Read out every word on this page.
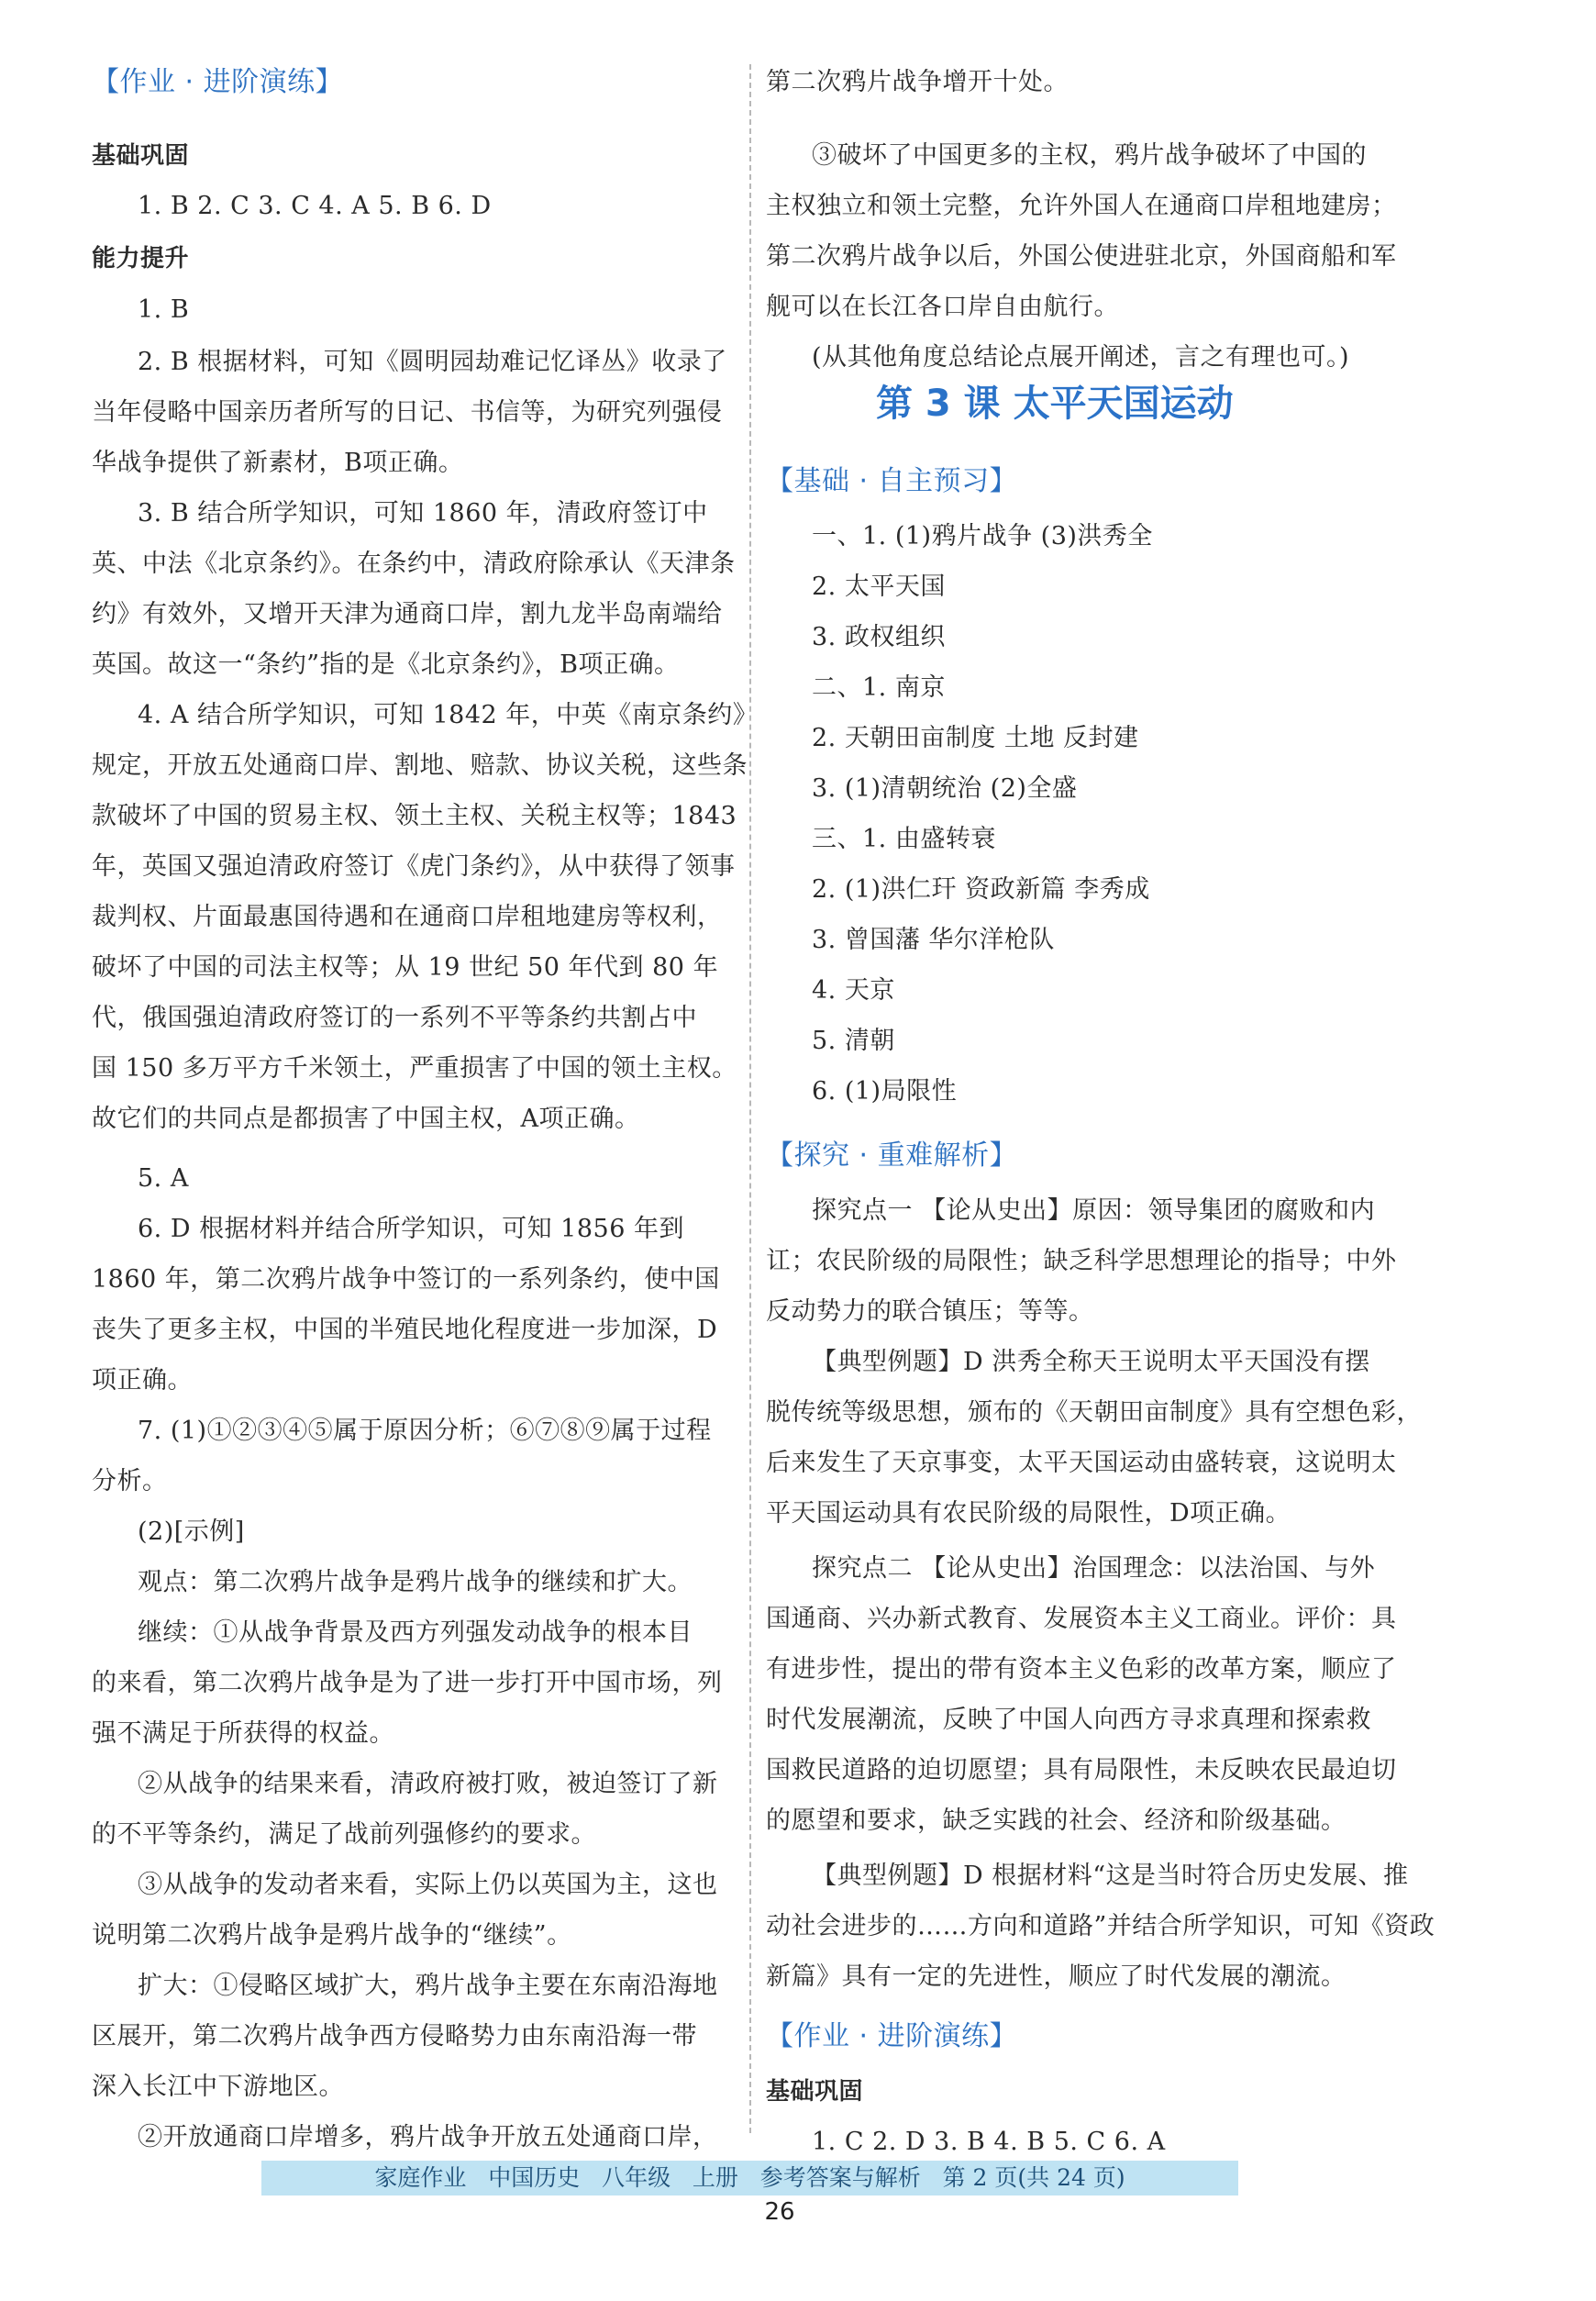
【作业 · 进阶演练】
基础巩固
1. B 2. C 3. C 4. A 5. B 6. D
能力提升
1. B
2. B 根据材料，可知《圆明园劫难记忆译丛》收录了
当年侵略中国亲历者所写的日记、书信等，为研究列强侵
华战争提供了新素材，B项正确。
3. B 结合所学知识，可知 1860 年，清政府签订中
英、中法《北京条约》。在条约中，清政府除承认《天津条
约》有效外，又增开天津为通商口岸，割九龙半岛南端给
英国。故这一“条约”指的是《北京条约》，B项正确。
4. A 结合所学知识，可知 1842 年，中英《南京条约》
规定，开放五处通商口岸、割地、赔款、协议关税，这些条
款破坏了中国的贸易主权、领土主权、关税主权等；1843
年，英国又强迫清政府签订《虎门条约》，从中获得了领事
裁判权、片面最惠国待遇和在通商口岸租地建房等权利，
破坏了中国的司法主权等；从 19 世纪 50 年代到 80 年
代，俄国强迫清政府签订的一系列不平等条约共割占中
国 150 多万平方千米领土，严重损害了中国的领土主权。
故它们的共同点是都损害了中国主权，A项正确。
5. A
6. D 根据材料并结合所学知识，可知 1856 年到
1860 年，第二次鸦片战争中签订的一系列条约，使中国
丧失了更多主权，中国的半殖民地化程度进一步加深，D
项正确。
7. (1)①②③④⑤属于原因分析；⑥⑦⑧⑨属于过程
分析。
(2)[示例]
观点：第二次鸦片战争是鸦片战争的继续和扩大。
继续：①从战争背景及西方列强发动战争的根本目
的来看，第二次鸦片战争是为了进一步打开中国市场，列
强不满足于所获得的权益。
②从战争的结果来看，清政府被打败，被迫签订了新
的不平等条约，满足了战前列强修约的要求。
③从战争的发动者来看，实际上仍以英国为主，这也
说明第二次鸦片战争是鸦片战争的“继续”。
扩大：①侵略区域扩大，鸦片战争主要在东南沿海地
区展开，第二次鸦片战争西方侵略势力由东南沿海一带
深入长江中下游地区。
②开放通商口岸增多，鸦片战争开放五处通商口岸，
第二次鸦片战争增开十处。
③破坏了中国更多的主权，鸦片战争破坏了中国的
主权独立和领土完整，允许外国人在通商口岸租地建房；
第二次鸦片战争以后，外国公使进驻北京，外国商船和军
舰可以在长江各口岸自由航行。
(从其他角度总结论点展开阐述，言之有理也可。)
第 3 课 太平天国运动
【基础 · 自主预习】
一、1. (1)鸦片战争 (3)洪秀全
2. 太平天国
3. 政权组织
二、1. 南京
2. 天朝田亩制度 土地 反封建
3. (1)清朝统治 (2)全盛
三、1. 由盛转衰
2. (1)洪仁玕 资政新篇 李秀成
3. 曾国藩 华尔洋枪队
4. 天京
5. 清朝
6. (1)局限性
【探究 · 重难解析】
探究点一 【论从史出】原因：领导集团的腐败和内
讧；农民阶级的局限性；缺乏科学思想理论的指导；中外
反动势力的联合镇压；等等。
【典型例题】D 洪秀全称天王说明太平天国没有摆
脱传统等级思想，颁布的《天朝田亩制度》具有空想色彩，
后来发生了天京事变，太平天国运动由盛转衰，这说明太
平天国运动具有农民阶级的局限性，D项正确。
探究点二 【论从史出】治国理念：以法治国、与外
国通商、兴办新式教育、发展资本主义工商业。评价：具
有进步性，提出的带有资本主义色彩的改革方案，顺应了
时代发展潮流，反映了中国人向西方寻求真理和探索救
国救民道路的迫切愿望；具有局限性，未反映农民最迫切
的愿望和要求，缺乏实践的社会、经济和阶级基础。
【典型例题】D 根据材料“这是当时符合历史发展、推
动社会进步的……方向和道路”并结合所学知识，可知《资政
新篇》具有一定的先进性，顺应了时代发展的潮流。
【作业 · 进阶演练】
基础巩固
1. C 2. D 3. B 4. B 5. C 6. A
家庭作业   中国历史   八年级   上册   参考答案与解析   第 2 页(共 24 页)
26
